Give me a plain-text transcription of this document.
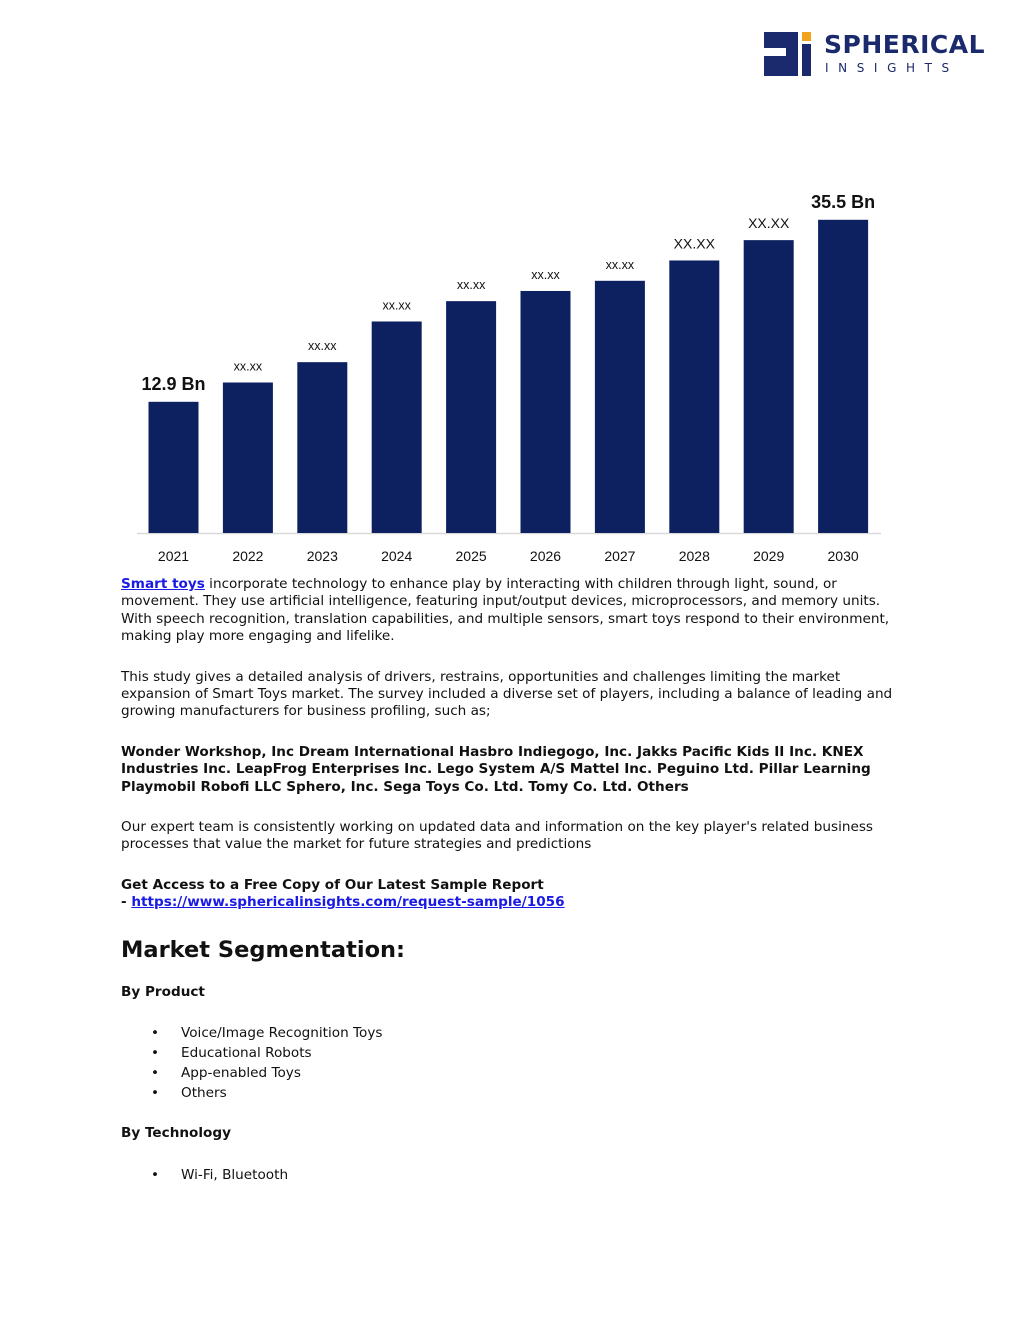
SPHERICAL
INSIGHTS
12.9 Bn
2021
xx.xx
2022
xx.xx
2023
xx.xx
2024
xx.xx
2025
xx.xx
2026
xx.xx
2027
XX.XX
2028
XX.XX
2029
35.5 Bn
2030

Smart toys incorporate technology to enhance play by interacting with children through light, sound, or movement. They use artificial intelligence, featuring input/output devices, microprocessors, and memory units. With speech recognition, translation capabilities, and multiple sensors, smart toys respond to their environment, making play more engaging and lifelike.

This study gives a detailed analysis of drivers, restrains, opportunities and challenges limiting the market expansion of Smart Toys market. The survey included a diverse set of players, including a balance of leading and growing manufacturers for business profiling, such as;

Wonder Workshop, Inc Dream International Hasbro Indiegogo, Inc. Jakks Pacific Kids II Inc. KNEX Industries Inc. LeapFrog Enterprises Inc. Lego System A/S Mattel Inc. Peguino Ltd. Pillar Learning Playmobil Robofi LLC Sphero, Inc. Sega Toys Co. Ltd. Tomy Co. Ltd. Others

Our expert team is consistently working on updated data and information on the key player's related business processes that value the market for future strategies and predictions

Get Access to a Free Copy of Our Latest Sample Report
- https://www.sphericalinsights.com/request-sample/1056

Market Segmentation:
By Product
• Voice/Image Recognition Toys
• Educational Robots
• App-enabled Toys
• Others
By Technology
• Wi-Fi, Bluetooth
